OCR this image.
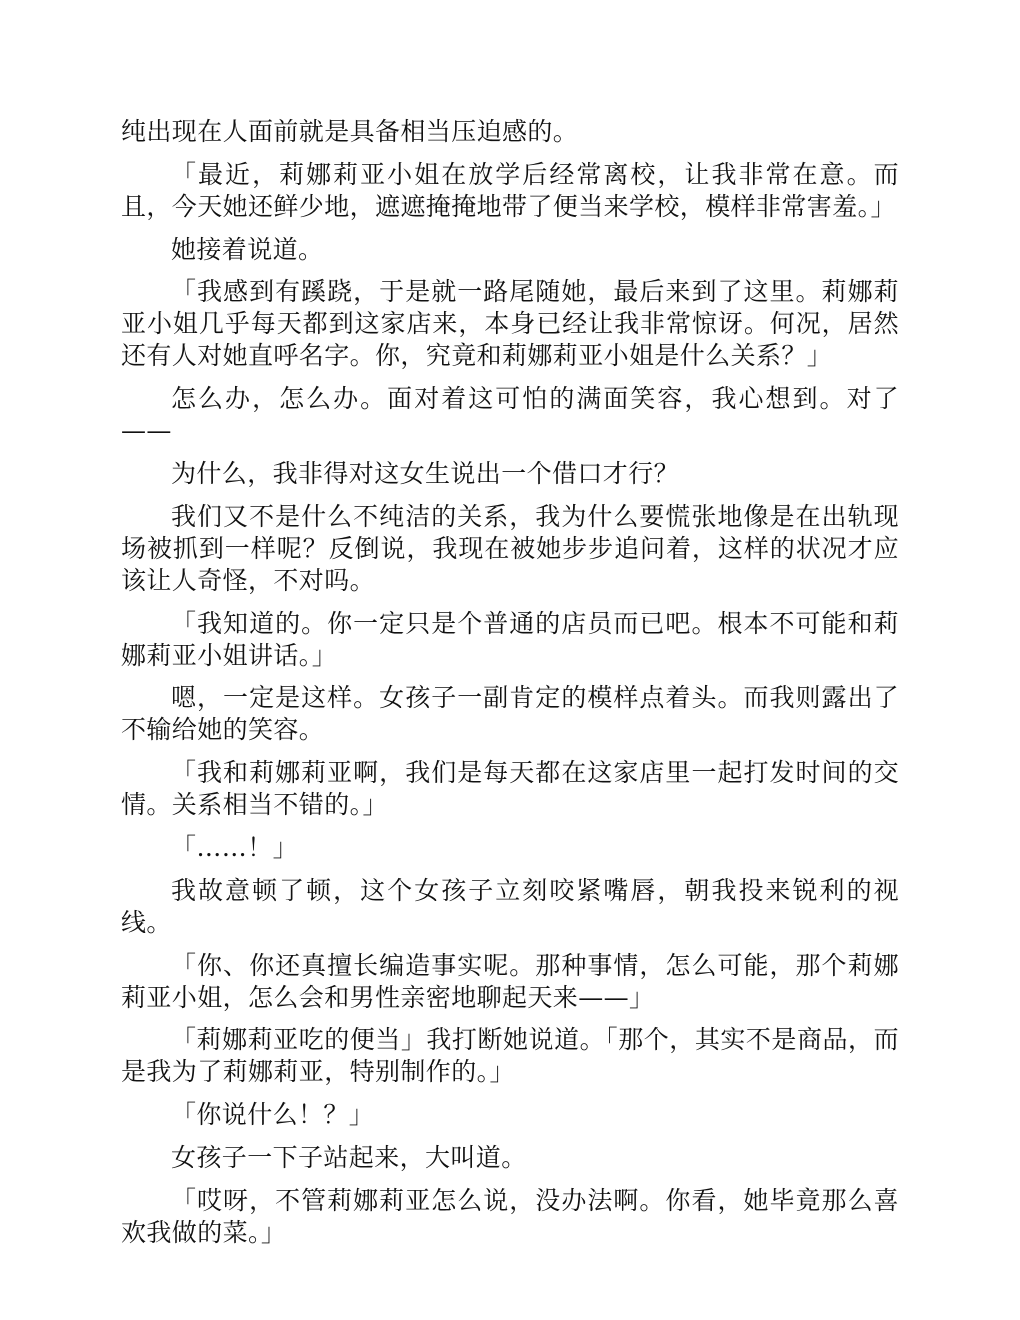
纯出现在人面前就是具备相当压迫感的。

「最近，莉娜莉亚小姐在放学后经常离校，让我非常在意。而且，今天她还鲜少地，遮遮掩掩地带了便当来学校，模样非常害羞。」

她接着说道。

「我感到有蹊跷，于是就一路尾随她，最后来到了这里。莉娜莉亚小姐几乎每天都到这家店来，本身已经让我非常惊讶。何况，居然还有人对她直呼名字。你，究竟和莉娜莉亚小姐是什么关系？」

怎么办，怎么办。面对着这可怕的满面笑容，我心想到。对了——

为什么，我非得对这女生说出一个借口才行？

我们又不是什么不纯洁的关系，我为什么要慌张地像是在出轨现场被抓到一样呢？反倒说，我现在被她步步追问着，这样的状况才应该让人奇怪，不对吗。

「我知道的。你一定只是个普通的店员而已吧。根本不可能和莉娜莉亚小姐讲话。」

嗯，一定是这样。女孩子一副肯定的模样点着头。而我则露出了不输给她的笑容。

「我和莉娜莉亚啊，我们是每天都在这家店里一起打发时间的交情。关系相当不错的。」

「……！」

我故意顿了顿，这个女孩子立刻咬紧嘴唇，朝我投来锐利的视线。

「你、你还真擅长编造事实呢。那种事情，怎么可能，那个莉娜莉亚小姐，怎么会和男性亲密地聊起天来——」

「莉娜莉亚吃的便当」我打断她说道。「那个，其实不是商品，而是我为了莉娜莉亚，特别制作的。」

「你说什么！？」

女孩子一下子站起来，大叫道。

「哎呀，不管莉娜莉亚怎么说，没办法啊。你看，她毕竟那么喜欢我做的菜。」
